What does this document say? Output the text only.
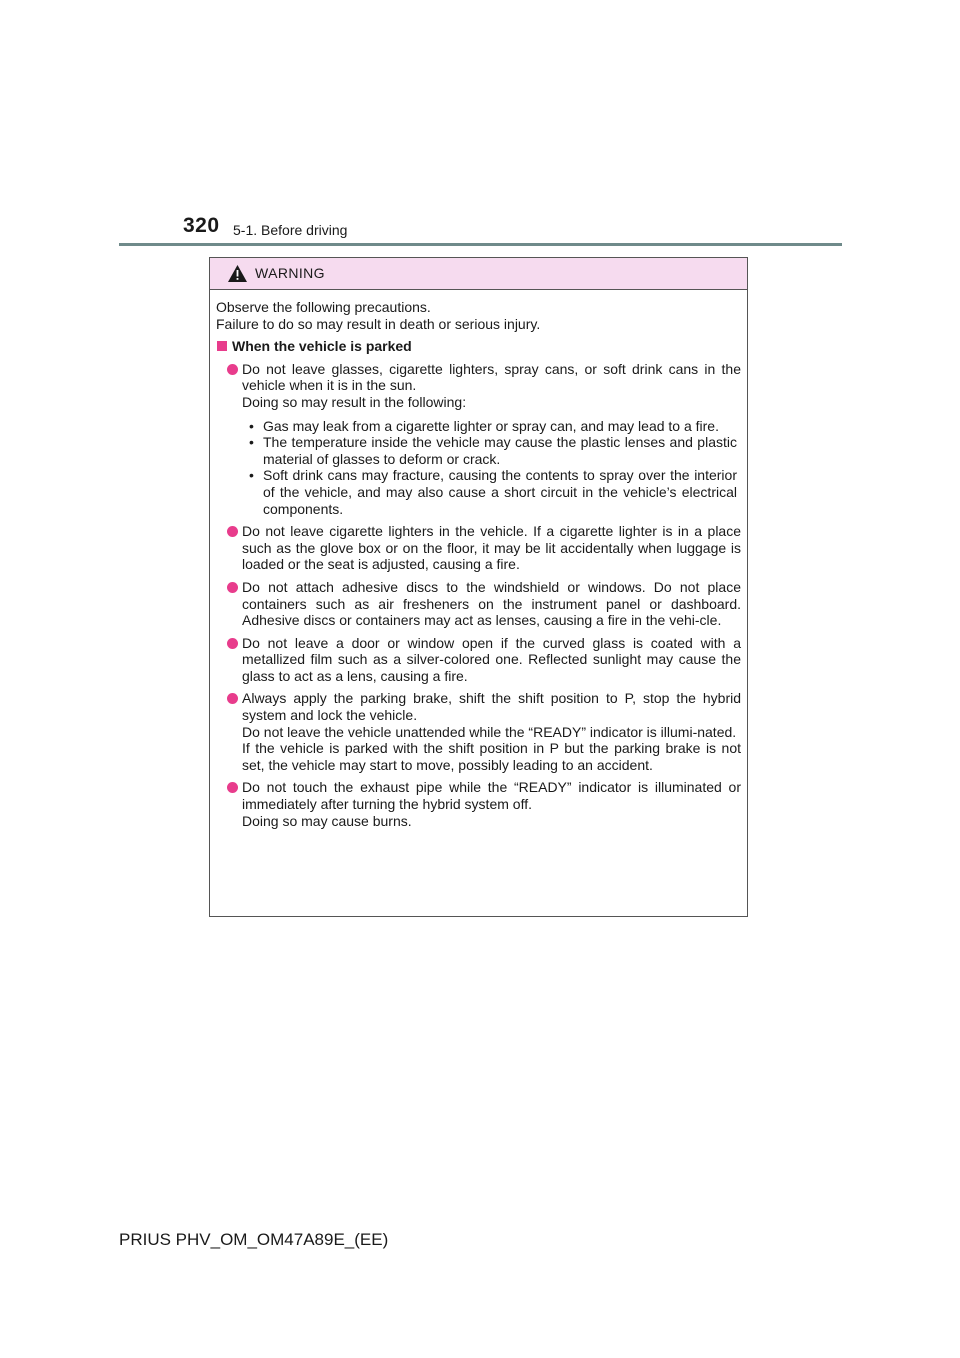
320 5-1. Before driving
WARNING

Observe the following precautions.

Failure to do so may result in death or serious injury.

When the vehicle is parked

Do not leave glasses, cigarette lighters, spray cans, or soft drink cans in the vehicle when it is in the sun.

Doing so may result in the following:

• Gas may leak from a cigarette lighter or spray can, and may lead to a fire.
• The temperature inside the vehicle may cause the plastic lenses and plastic material of glasses to deform or crack.
• Soft drink cans may fracture, causing the contents to spray over the interior of the vehicle, and may also cause a short circuit in the vehicle’s electrical components.

Do not leave cigarette lighters in the vehicle. If a cigarette lighter is in a place such as the glove box or on the floor, it may be lit accidentally when luggage is loaded or the seat is adjusted, causing a fire.

Do not attach adhesive discs to the windshield or windows. Do not place containers such as air fresheners on the instrument panel or dashboard. Adhesive discs or containers may act as lenses, causing a fire in the vehi-cle.

Do not leave a door or window open if the curved glass is coated with a metallized film such as a silver-colored one. Reflected sunlight may cause the glass to act as a lens, causing a fire.

Always apply the parking brake, shift the shift position to P, stop the hybrid system and lock the vehicle.

Do not leave the vehicle unattended while the “READY” indicator is illumi-nated.

If the vehicle is parked with the shift position in P but the parking brake is not set, the vehicle may start to move, possibly leading to an accident.

Do not touch the exhaust pipe while the “READY” indicator is illuminated or immediately after turning the hybrid system off.

Doing so may cause burns.

PRIUS PHV_OM_OM47A89E_(EE)
